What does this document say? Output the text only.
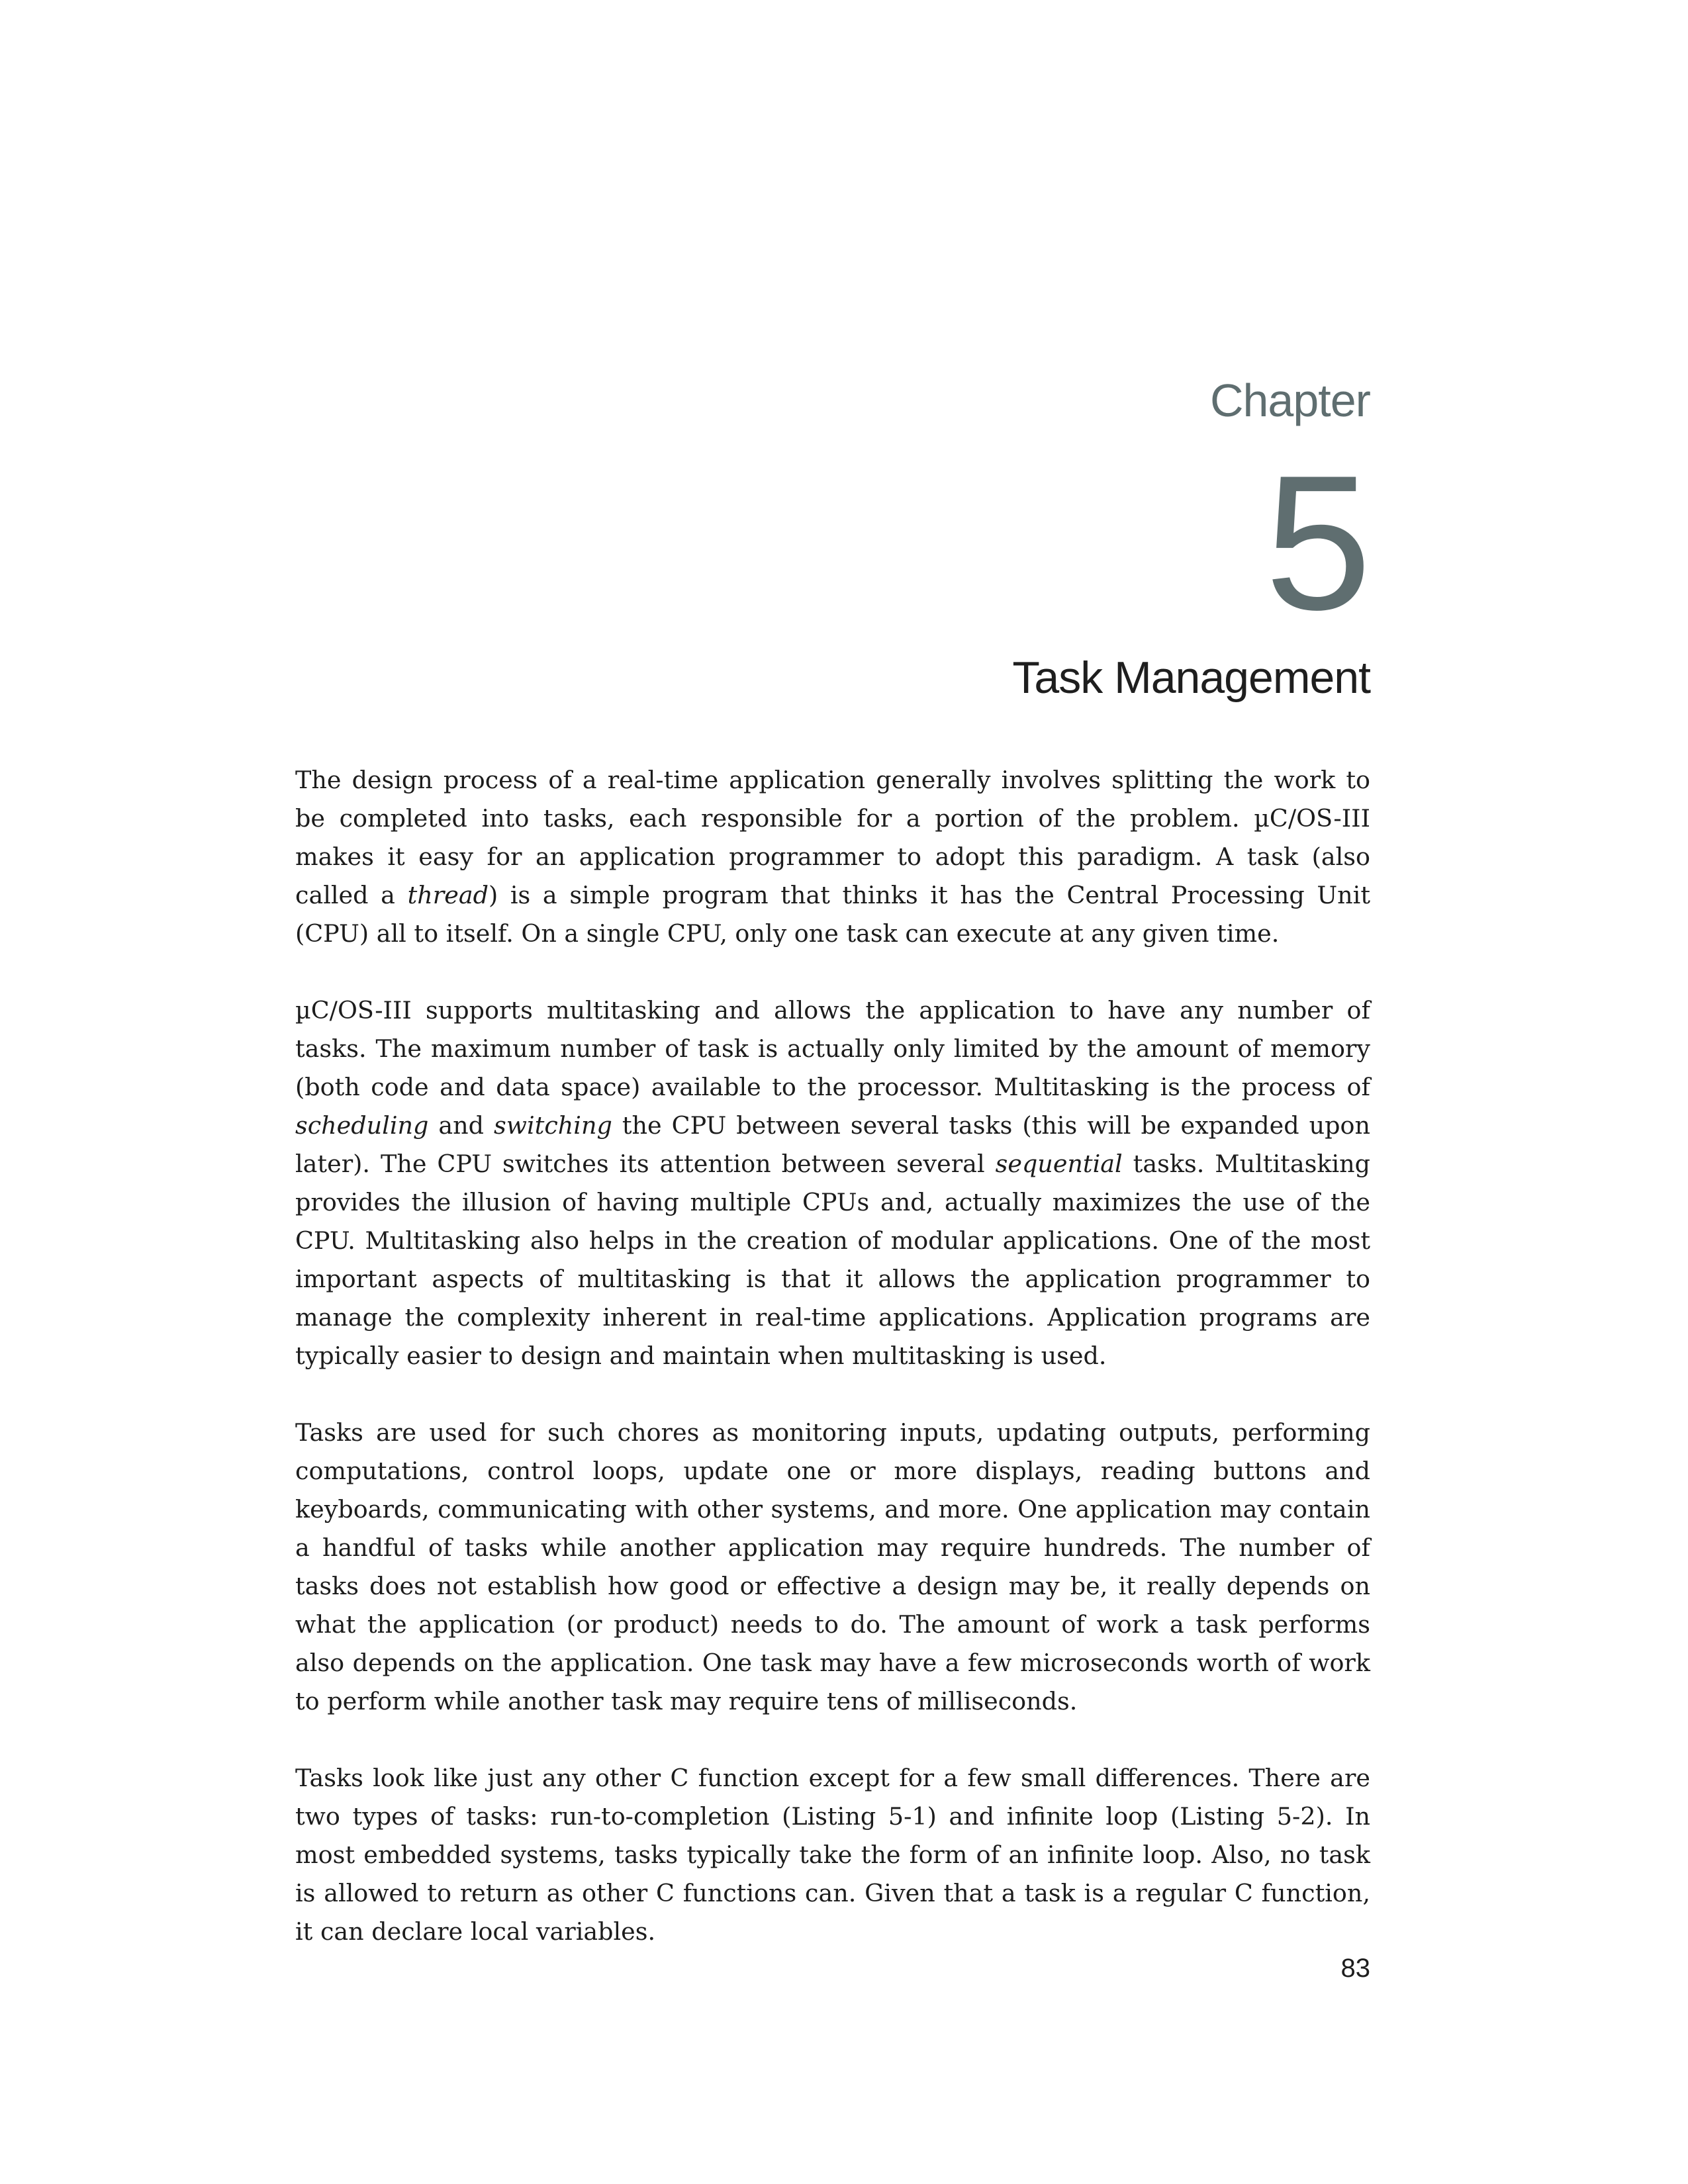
Chapter
5
Task Management

The design process of a real-time application generally involves splitting the work to be completed into tasks, each responsible for a portion of the problem. µC/OS-III makes it easy for an application programmer to adopt this paradigm. A task (also called a thread) is a simple program that thinks it has the Central Processing Unit (CPU) all to itself. On a single CPU, only one task can execute at any given time.

µC/OS-III supports multitasking and allows the application to have any number of tasks. The maximum number of task is actually only limited by the amount of memory (both code and data space) available to the processor. Multitasking is the process of scheduling and switching the CPU between several tasks (this will be expanded upon later). The CPU switches its attention between several sequential tasks. Multitasking provides the illusion of having multiple CPUs and, actually maximizes the use of the CPU. Multitasking also helps in the creation of modular applications. One of the most important aspects of multitasking is that it allows the application programmer to manage the complexity inherent in real-time applications. Application programs are typically easier to design and maintain when multitasking is used.

Tasks are used for such chores as monitoring inputs, updating outputs, performing computations, control loops, update one or more displays, reading buttons and keyboards, communicating with other systems, and more. One application may contain a handful of tasks while another application may require hundreds. The number of tasks does not establish how good or effective a design may be, it really depends on what the application (or product) needs to do. The amount of work a task performs also depends on the application. One task may have a few microseconds worth of work to perform while another task may require tens of milliseconds.

Tasks look like just any other C function except for a few small differences. There are two types of tasks: run-to-completion (Listing 5-1) and infinite loop (Listing 5-2). In most embedded systems, tasks typically take the form of an infinite loop. Also, no task is allowed to return as other C functions can. Given that a task is a regular C function, it can declare local variables.

83
